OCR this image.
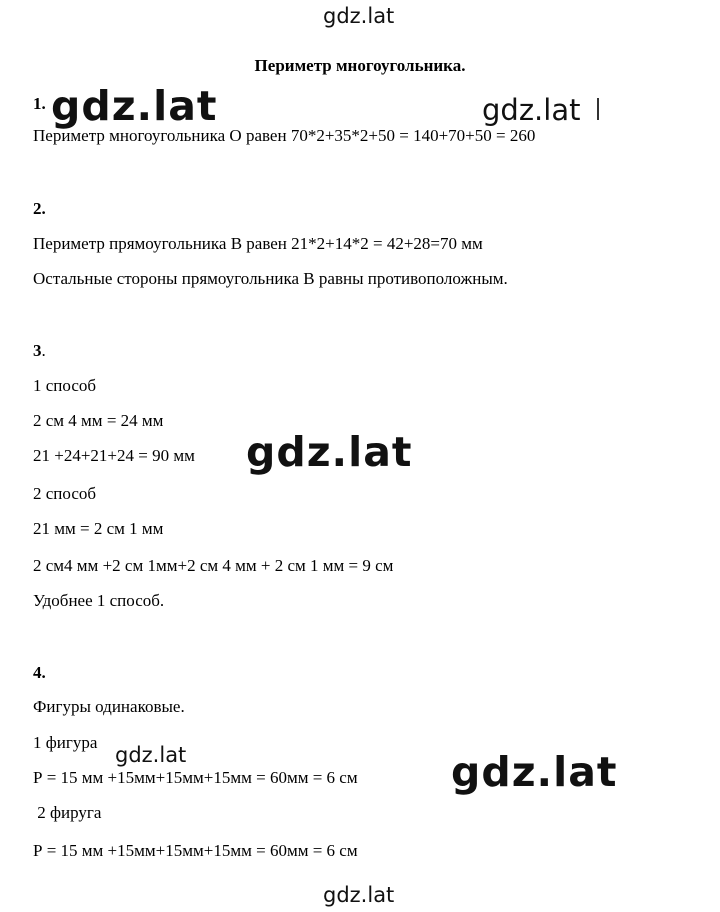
gdz.lat
Периметр многоугольника.
1. gdz.lat	gdz.lat
Периметр многоугольника О равен 70*2+35*2+50 = 140+70+50 = 260
2.
Периметр прямоугольника В равен 21*2+14*2 = 42+28=70 мм
Остальные стороны прямоугольника В равны противоположным.
3.
1 способ
2 см 4 мм = 24 мм
21 +24+21+24 = 90 мм gdz.lat
2 способ
21 мм = 2 см 1 мм
2 см4 мм +2 см 1мм+2 см 4 мм + 2 см 1 мм = 9 см
Удобнее 1 способ.
4.
Фигуры одинаковые.
1 фигура
gdz.lat	gdz.lat
Р = 15 мм +15мм+15мм+15мм = 60мм = 6 см
2 фируга
Р = 15 мм +15мм+15мм+15мм = 60мм = 6 см
gdz.lat
